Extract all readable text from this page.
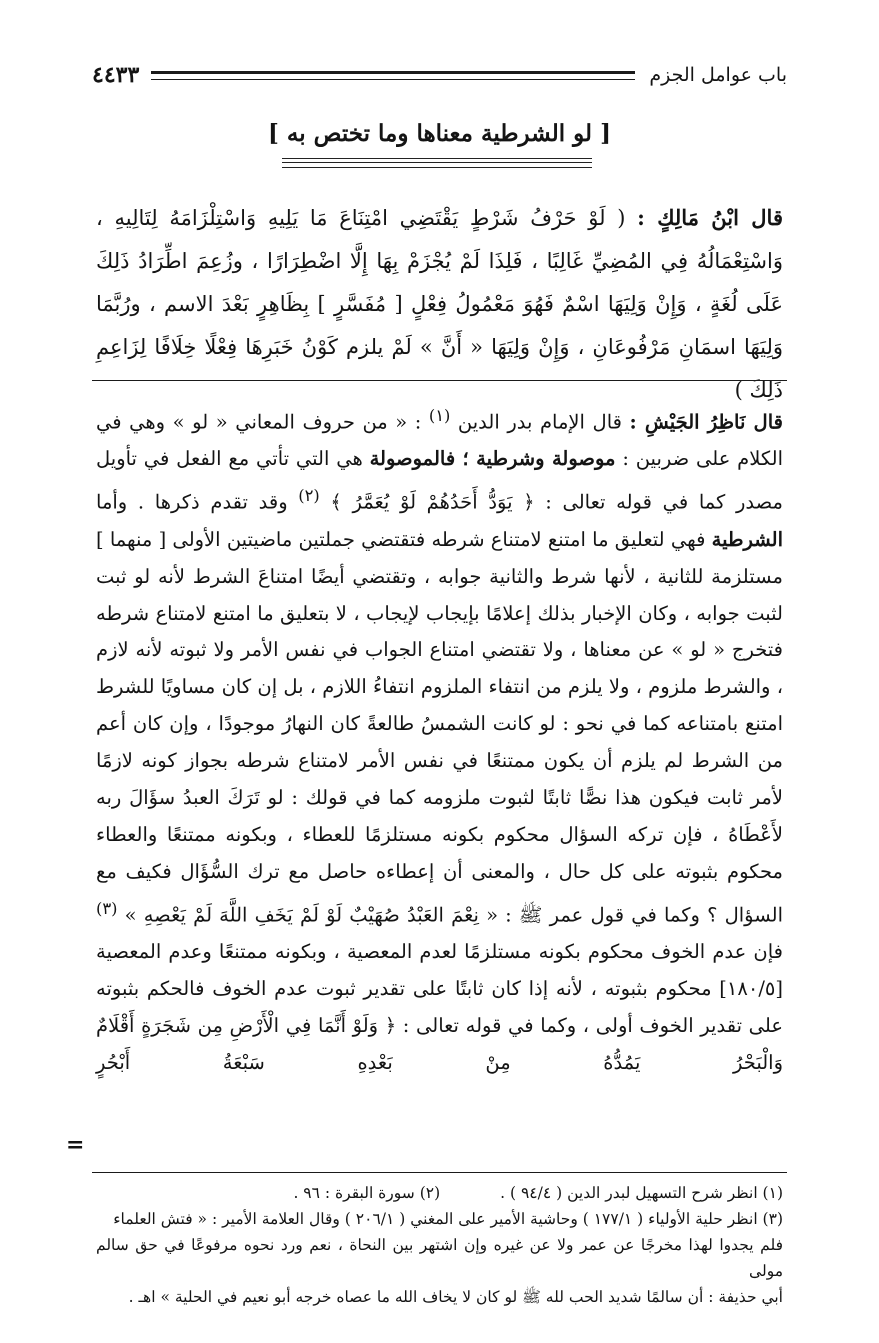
باب عوامل الجزم
٤٤٣٣
[ لو الشرطية معناها وما تختص به ]
قال ابْنُ مَالِكٍ : ( لَوْ حَرْفُ شَرْطٍ يَقْتَضِي امْتِنَاعَ مَا يَلِيهِ وَاسْتِلْزَامَهُ لِتَالِيهِ ، وَاسْتِعْمَالُهُ فِي المُضِيِّ غَالِبًا ، فَلِذَا لَمْ يُجْزَمْ بِهَا إِلَّا اضْطِرَارًا ، وزُعِمَ اطِّرَادُ ذَلِكَ عَلَى لُغَةٍ ، وَإِنْ وَلِيَهَا اسْمٌ فَهُوَ مَعْمُولُ فِعْلٍ [ مُفَسَّرٍ ] بِظَاهِرٍ بَعْدَ الاسم ، ورُبَّمَا وَلِيَهَا اسمَانِ مَرْفُوعَانِ ، وَإِنْ وَلِيَهَا « أَنَّ » لَمْ يلزم كَوْنُ خَبَرِهَا فِعْلًا خِلَافًا لِزَاعِمِ ذَلِكَ )
قال نَاظِرُ الجَيْشِ : قال الإمام بدر الدين $^{(١)}$ : « من حروف المعاني « لو » وهي في الكلام على ضربين : موصولة وشرطية ؛ فالموصولة هي التي تأتي مع الفعل في تأويل مصدر كما في قوله تعالى : ﴿ يَوَدُّ أَحَدُهُمْ لَوْ يُعَمَّرُ ﴾ $^{(٢)}$ وقد تقدم ذكرها . وأما الشرطية فهي لتعليق ما امتنع لامتناع شرطه فتقتضي جملتين ماضيتين الأولى [ منهما ] مستلزمة للثانية ، لأنها شرط والثانية جوابه ، وتقتضي أيضًا امتناعَ الشرط لأنه لو ثبت لثبت جوابه ، وكان الإخبار بذلك إعلامًا بإيجاب لإيجاب ، لا بتعليق ما امتنع لامتناع شرطه فتخرج « لو » عن معناها ، ولا تقتضي امتناع الجواب في نفس الأمر ولا ثبوته لأنه لازم ، والشرط ملزوم ، ولا يلزم من انتفاء الملزوم انتفاءُ اللازم ، بل إن كان مساويًا للشرط امتنع بامتناعه كما في نحو : لو كانت الشمسُ طالعةً كان النهارُ موجودًا ، وإن كان أعم من الشرط لم يلزم أن يكون ممتنعًا في نفس الأمر لامتناع شرطه بجواز كونه لازمًا لأمر ثابت فيكون هذا نصًّا ثابتًا لثبوت ملزومه كما في قولك : لو تَرَكَ العبدُ سؤَالَ ربه لأَعْطَاهُ ، فإن تركه السؤال محكوم بكونه مستلزمًا للعطاء ، وبكونه ممتنعًا والعطاء محكوم بثبوته على كل حال ، والمعنى أن إعطاءه حاصل مع ترك السُّؤَال فكيف مع السؤال ؟ وكما في قول عمر ﷺ : « نِعْمَ العَبْدُ صُهَيْبٌ لَوْ لَمْ يَخَفِ اللَّهَ لَمْ يَعْصِهِ » $^{(٣)}$ فإن عدم الخوف محكوم بكونه مستلزمًا لعدم المعصية ، وبكونه ممتنعًا وعدم المعصية [١٨٠/٥] محكوم بثبوته ، لأنه إذا كان ثابتًا على تقدير ثبوت عدم الخوف فالحكم بثبوته على تقدير الخوف أولى ، وكما في قوله تعالى : ﴿ وَلَوْ أَنَّمَا فِي الْأَرْضِ مِن شَجَرَةٍ أَقْلَامٌ وَالْبَحْرُ يَمُدُّهُ مِنْ بَعْدِهِ سَبْعَةُ أَبْحُرٍ
=
(١) انظر شرح التسهيل لبدر الدين ( ٩٤/٤ ) .
(٢) سورة البقرة : ٩٦ .
(٣) انظر حلية الأولياء ( ١٧٧/١ ) وحاشية الأمير على المغني ( ٢٠٦/١ ) وقال العلامة الأمير : « فتش العلماء
فلم يجدوا لهذا مخرجًا عن عمر ولا عن غيره وإن اشتهر بين النحاة ، نعم ورد نحوه مرفوعًا في حق سالم مولى
أبي حذيفة : أن سالمًا شديد الحب لله ﷺ لو كان لا يخاف الله ما عصاه خرجه أبو نعيم في الحلية » اهـ .
